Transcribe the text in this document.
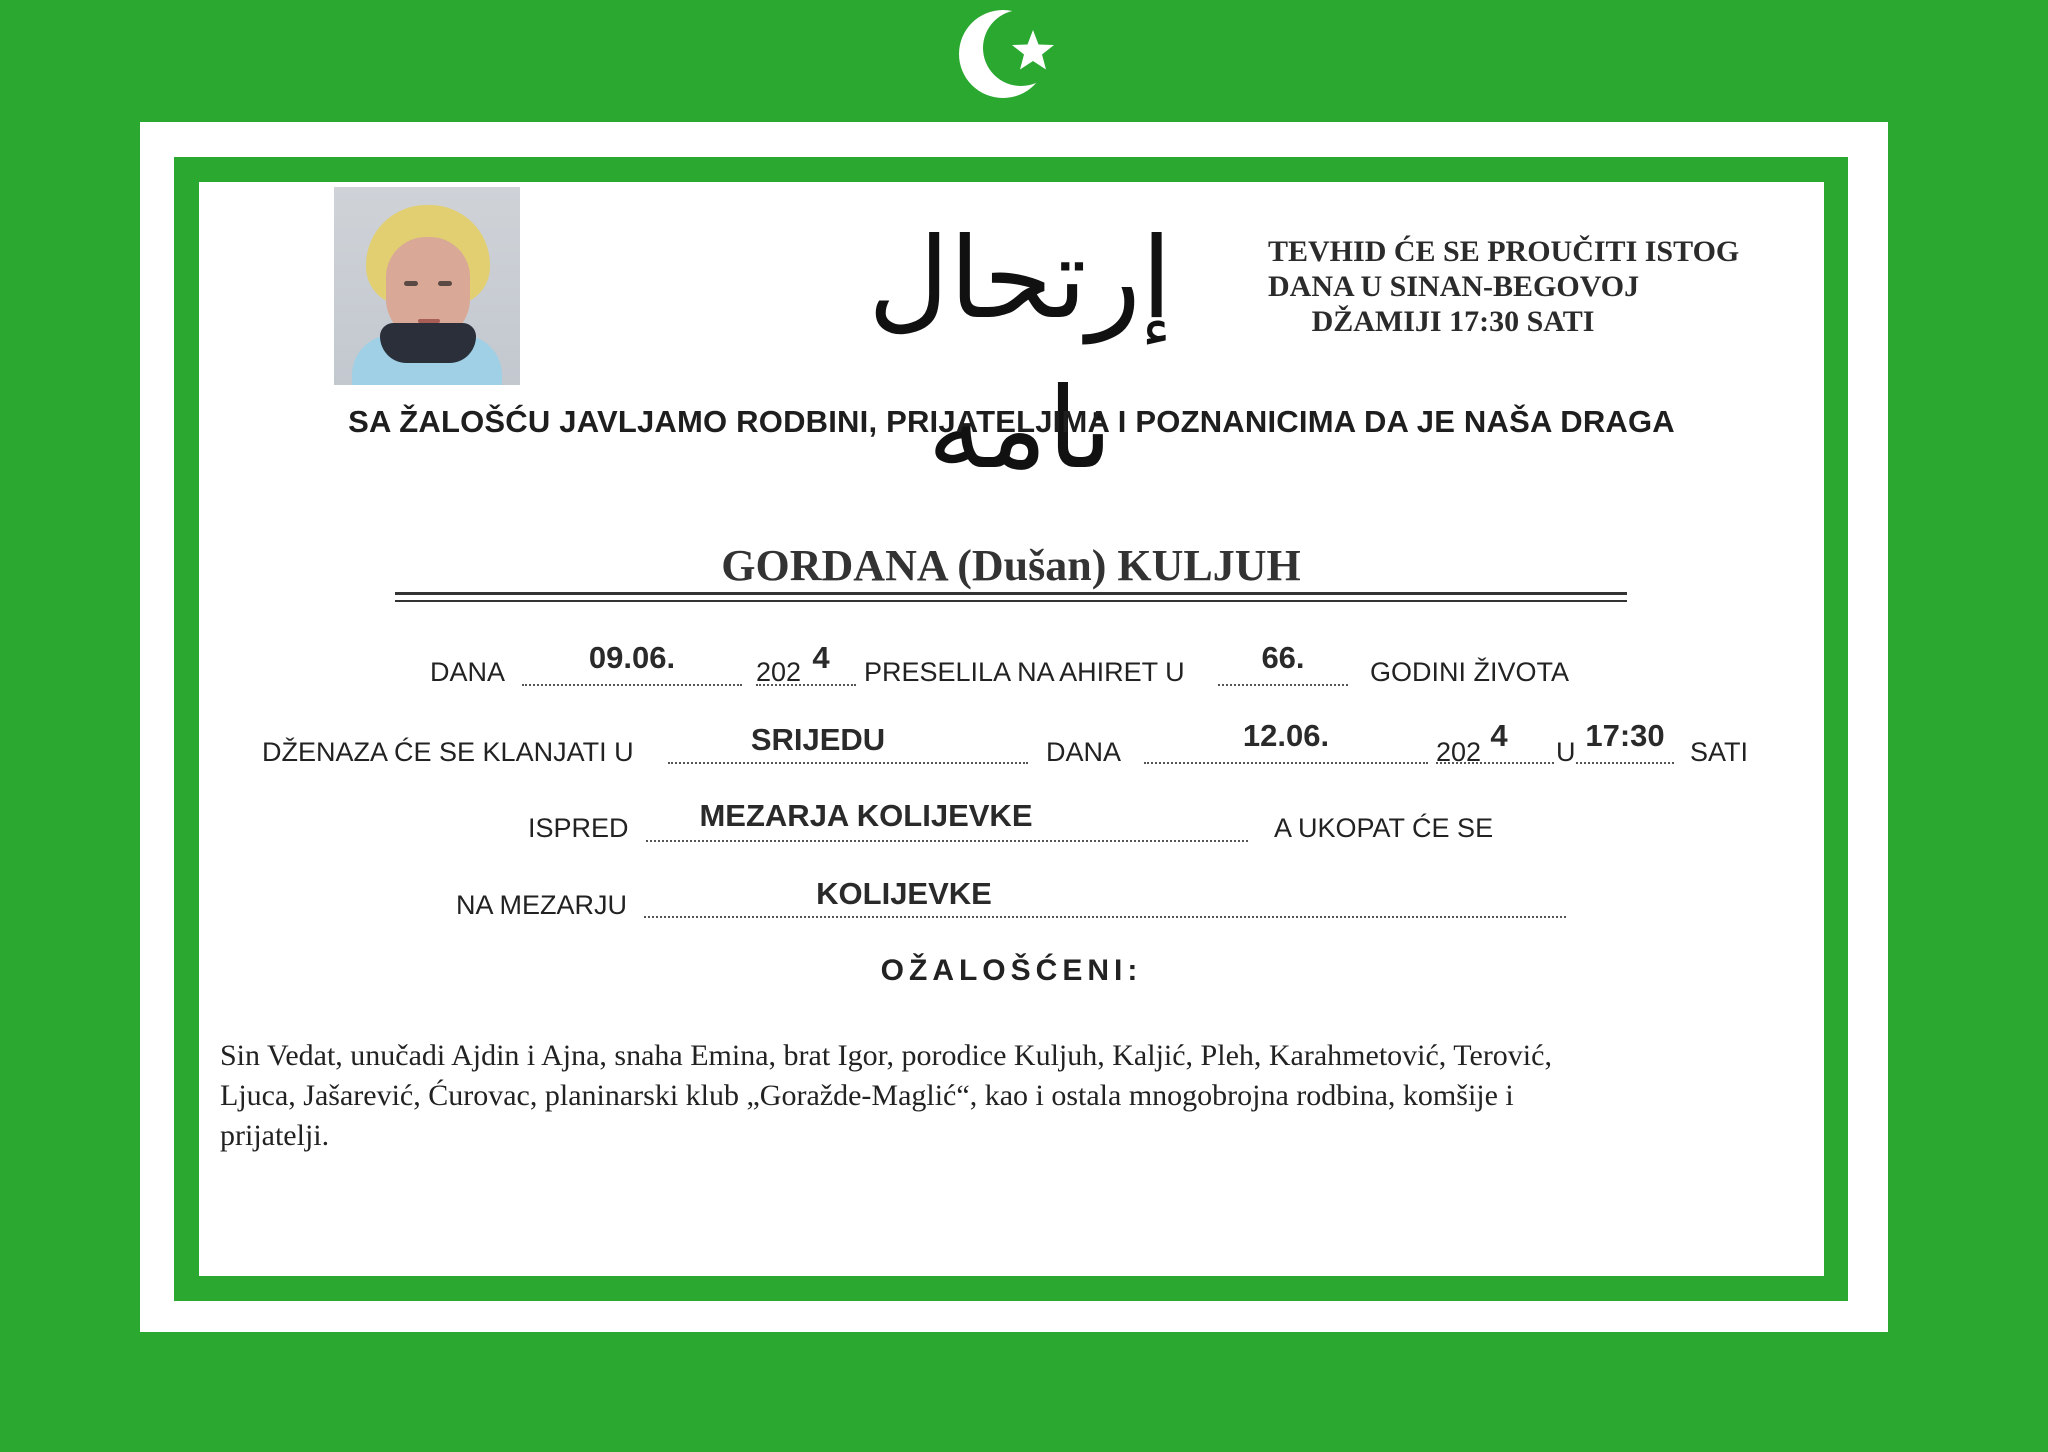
إرتحال نامه
TEVHID ĆE SE PROUČITI ISTOG
DANA U SINAN-BEGOVOJ
DŽAMIJI 17:30 SATI
SA ŽALOŠĆU JAVLJAMO RODBINI, PRIJATELJIMA I POZNANICIMA DA JE NAŠA DRAGA
GORDANA (Dušan) KULJUH
DANA	09.06.	202 4 PRESELILA NA AHIRET U	66.	GODINI ŽIVOTA
DŽENAZA ĆE SE KLANJATI U	SRIJEDU	DANA	12.06.	202 4 U 17:30 SATI
ISPRED	MEZARJA KOLIJEVKE	A UKOPAT ĆE SE
NA MEZARJU	KOLIJEVKE
OŽALOŠĆENI:
Sin Vedat, unučadi Ajdin i Ajna, snaha Emina, brat Igor, porodice Kuljuh, Kaljić, Pleh, Karahmetović, Terović,
Ljuca, Jašarević, Ćurovac, planinarski klub „Goražde-Maglić“, kao i ostala mnogobrojna rodbina, komšije i
prijatelji.
